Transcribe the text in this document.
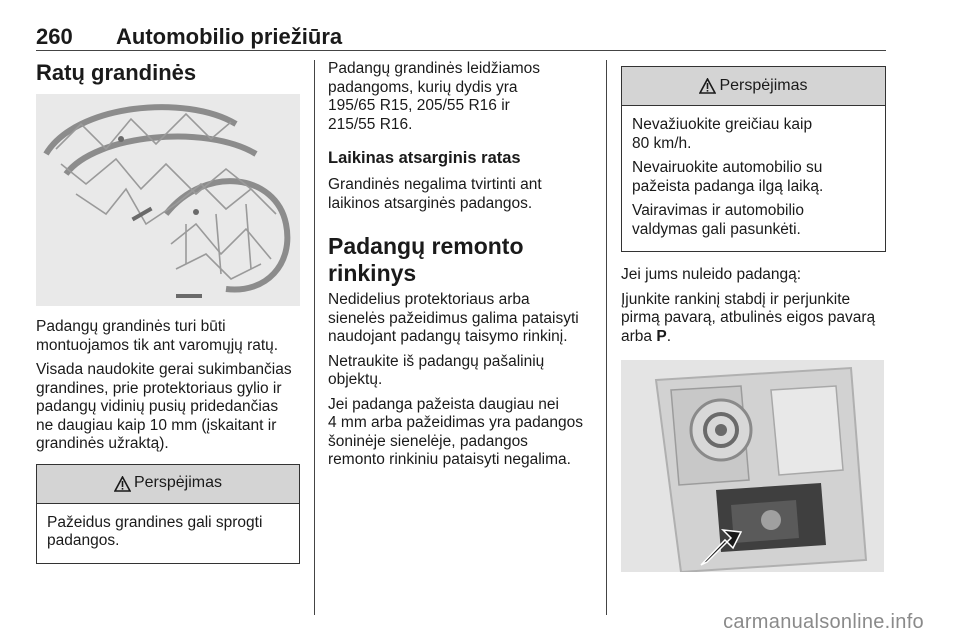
260 Automobilio priežiūra
Ratų grandinės

Padangų grandinės turi būti
montuojamos tik ant varomųjų ratų.

Visada naudokite gerai sukimbančias
grandines, prie protektoriaus gylio ir
padangų vidinių pusių pridedančias
ne daugiau kaip 10 mm (įskaitant ir
grandinės užraktą).

Perspėjimas

Pažeidus grandines gali sprogti
padangos.

Padangų grandinės leidžiamos
padangoms, kurių dydis yra
195/65 R15, 205/55 R16 ir
215/55 R16.

Laikinas atsarginis ratas

Grandinės negalima tvirtinti ant
laikinos atsarginės padangos.

Padangų remonto rinkinys

Nedidelius protektoriaus arba
sienelės pažeidimus galima pataisyti
naudojant padangų taisymo rinkinį.

Netraukite iš padangų pašalinių
objektų.

Jei padanga pažeista daugiau nei
4 mm arba pažeidimas yra padangos
šoninėje sienelėje, padangos
remonto rinkiniu pataisyti negalima.

Perspėjimas

Nevažiuokite greičiau kaip
80 km/h.

Nevairuokite automobilio su
pažeista padanga ilgą laiką.

Vairavimas ir automobilio
valdymas gali pasunkėti.

Jei jums nuleido padangą:

Įjunkite rankinį stabdį ir perjunkite
pirmą pavarą, atbulinės eigos pavarą
arba P.

carmanualsonline.info
